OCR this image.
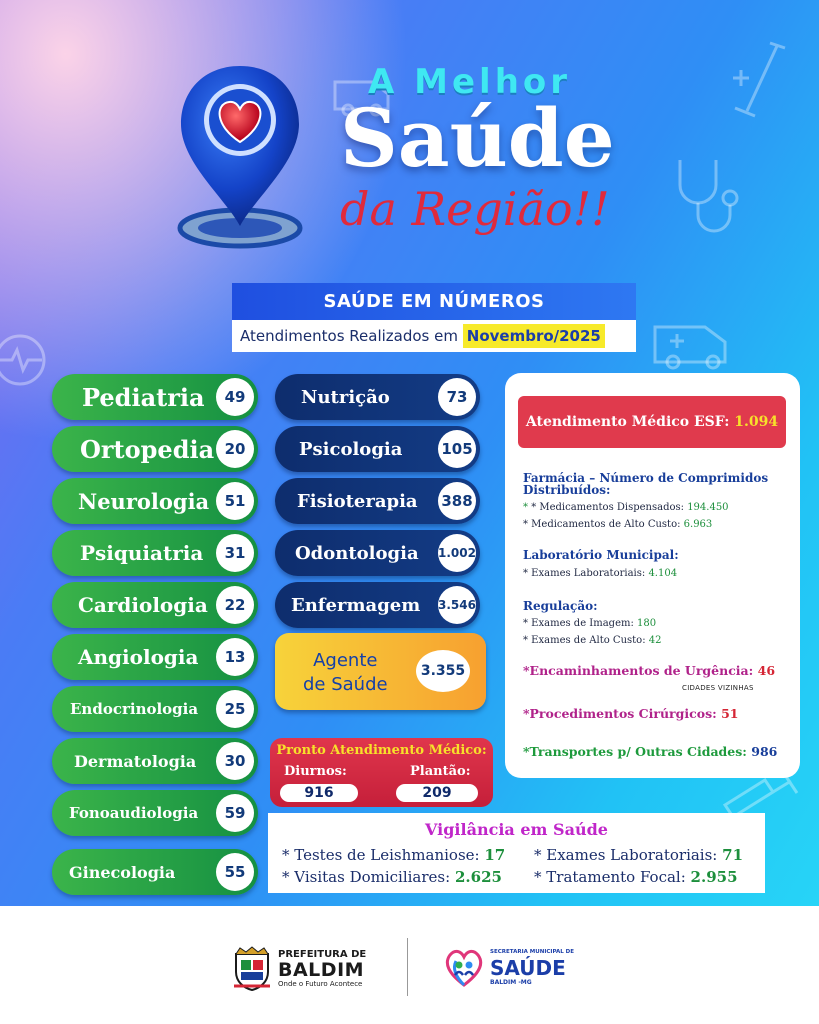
A Melhor
Saúde
da Região!!
SAÚDE EM NÚMEROS
Atendimentos Realizados em Novembro/2025
Pediatria	49
Ortopedia 20
Neurologia	51
Psiquiatria	31
Cardiologia	22
Angiologia	13
Endocrinologia	25
Dermatologia	30
Fonoaudiologia	59
Ginecologia	55
Nutrição	73
Psicologia	105
Fisioterapia 388
Odontologia 1.002
Enfermagem 3.546
Agente
de Saúde
3.355
Pronto Atendimento Médico:
Diurnos:	Plantão:
916	209
Vigilância em Saúde
* Testes de Leishmaniose: 17 * Exames Laboratoriais: 71
* Visitas Domiciliares: 2.625 * Tratamento Focal: 2.955
Atendimento Médico ESF: 1.094
Farmácia – Número de Comprimidos
Distribuídos:
* * Medicamentos Dispensados: 194.450
* Medicamentos de Alto Custo: 6.963
Laboratório Municipal:
* Exames Laboratoriais: 4.104
Regulação:
* Exames de Imagem: 180
* Exames de Alto Custo: 42
*Encaminhamentos de Urgência: 46
CIDADES VIZINHAS
*Procedimentos Cirúrgicos: 51
*Transportes p/ Outras Cidades: 986
PREFEITURA DE
BALDIM
Onde o Futuro Acontece
SECRETARIA MUNICIPAL DE
SAÚDE
BALDIM -MG
